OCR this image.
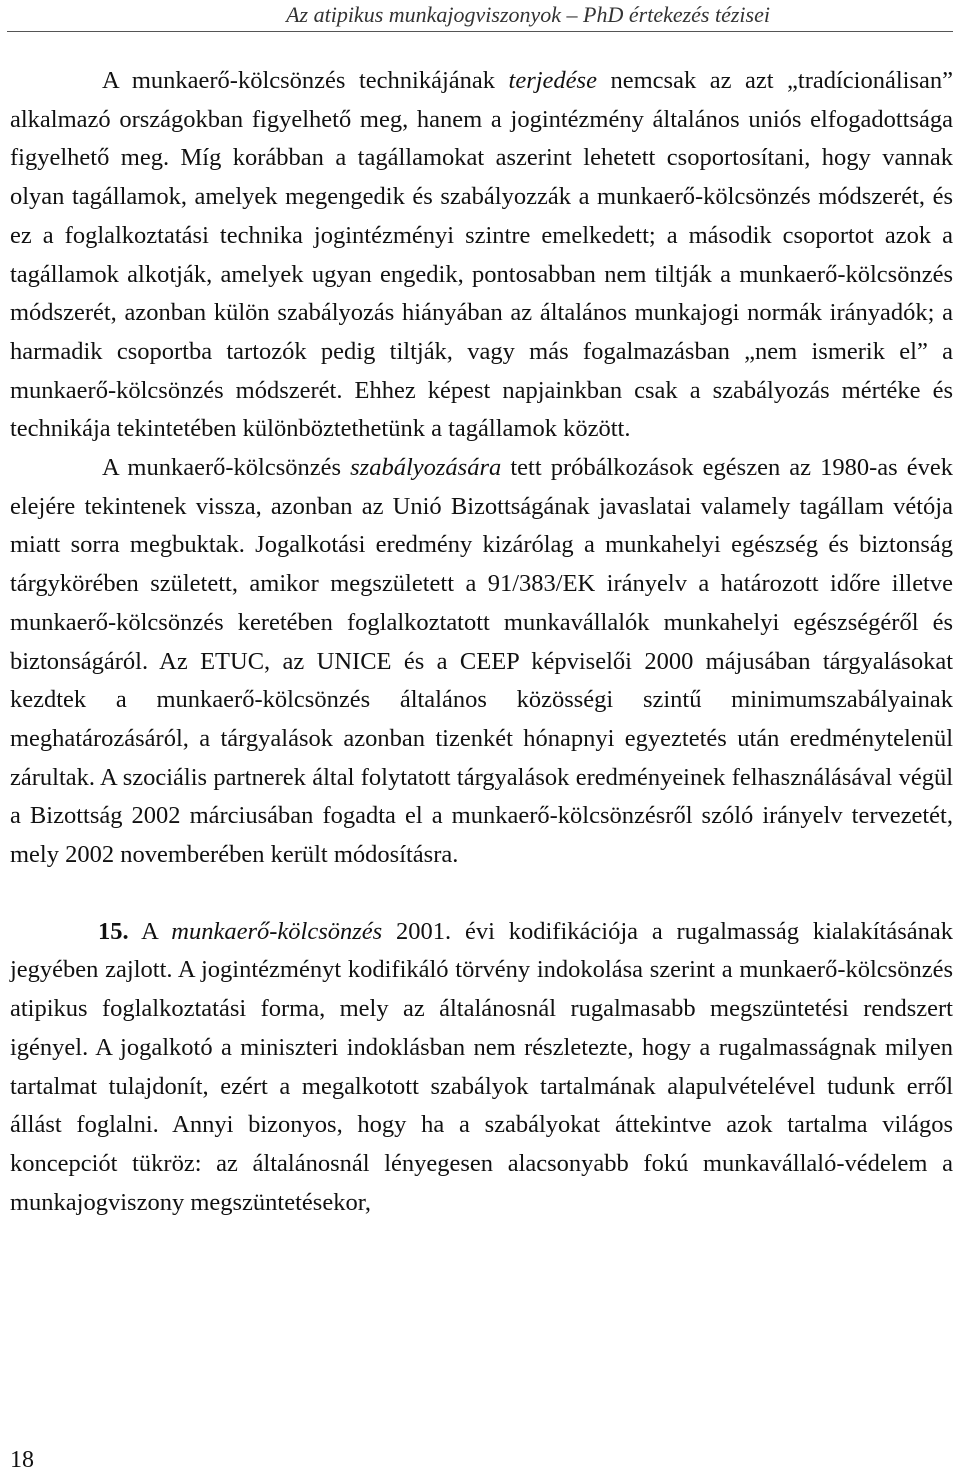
Az atipikus munkajogviszonyok – PhD értekezés tézisei

A munkaerő-kölcsönzés technikájának terjedése nemcsak az azt „tradícionálisan” alkalmazó országokban figyelhető meg, hanem a jogintézmény általános uniós elfogadottsága figyelhető meg. Míg korábban a tagállamokat aszerint lehetett csoportosítani, hogy vannak olyan tagállamok, amelyek megengedik és szabályozzák a munkaerő-kölcsönzés módszerét, és ez a foglalkoztatási technika jogintézményi szintre emelkedett; a második csoportot azok a tagállamok alkotják, amelyek ugyan engedik, pontosabban nem tiltják a munkaerő-kölcsönzés módszerét, azonban külön szabályozás hiányában az általános munkajogi normák irányadók; a harmadik csoportba tartozók pedig tiltják, vagy más fogalmazásban „nem ismerik el” a munkaerő-kölcsönzés módszerét. Ehhez képest napjainkban csak a szabályozás mértéke és technikája tekintetében különböztethetünk a tagállamok között.

A munkaerő-kölcsönzés szabályozására tett próbálkozások egészen az 1980-as évek elejére tekintenek vissza, azonban az Unió Bizottságának javaslatai valamely tagállam vétója miatt sorra megbuktak. Jogalkotási eredmény kizárólag a munkahelyi egészség és biztonság tárgykörében született, amikor megszületett a 91/383/EK irányelv a határozott időre illetve munkaerő-kölcsönzés keretében foglalkoztatott munkavállalók munkahelyi egészségéről és biztonságáról. Az ETUC, az UNICE és a CEEP képviselői 2000 májusában tárgyalásokat kezdtek a munkaerő-kölcsönzés általános közösségi szintű minimumszabályainak meghatározásáról, a tárgyalások azonban tizenkét hónapnyi egyeztetés után eredménytelenül zárultak. A szociális partnerek által folytatott tárgyalások eredményeinek felhasználásával végül a Bizottság 2002 márciusában fogadta el a munkaerő-kölcsönzésről szóló irányelv tervezetét, mely 2002 novemberében került módosításra.

15. A munkaerő-kölcsönzés 2001. évi kodifikációja a rugalmasság kialakításának jegyében zajlott. A jogintézményt kodifikáló törvény indokolása szerint a munkaerő-kölcsönzés atipikus foglalkoztatási forma, mely az általánosnál rugalmasabb megszüntetési rendszert igényel. A jogalkotó a miniszteri indoklásban nem részletezte, hogy a rugalmasságnak milyen tartalmat tulajdonít, ezért a megalkotott szabályok tartalmának alapulvételével tudunk erről állást foglalni. Annyi bizonyos, hogy ha a szabályokat áttekintve azok tartalma világos koncepciót tükröz: az általánosnál lényegesen alacsonyabb fokú munkavállaló-védelem a munkajogviszony megszüntetésekor,

18
